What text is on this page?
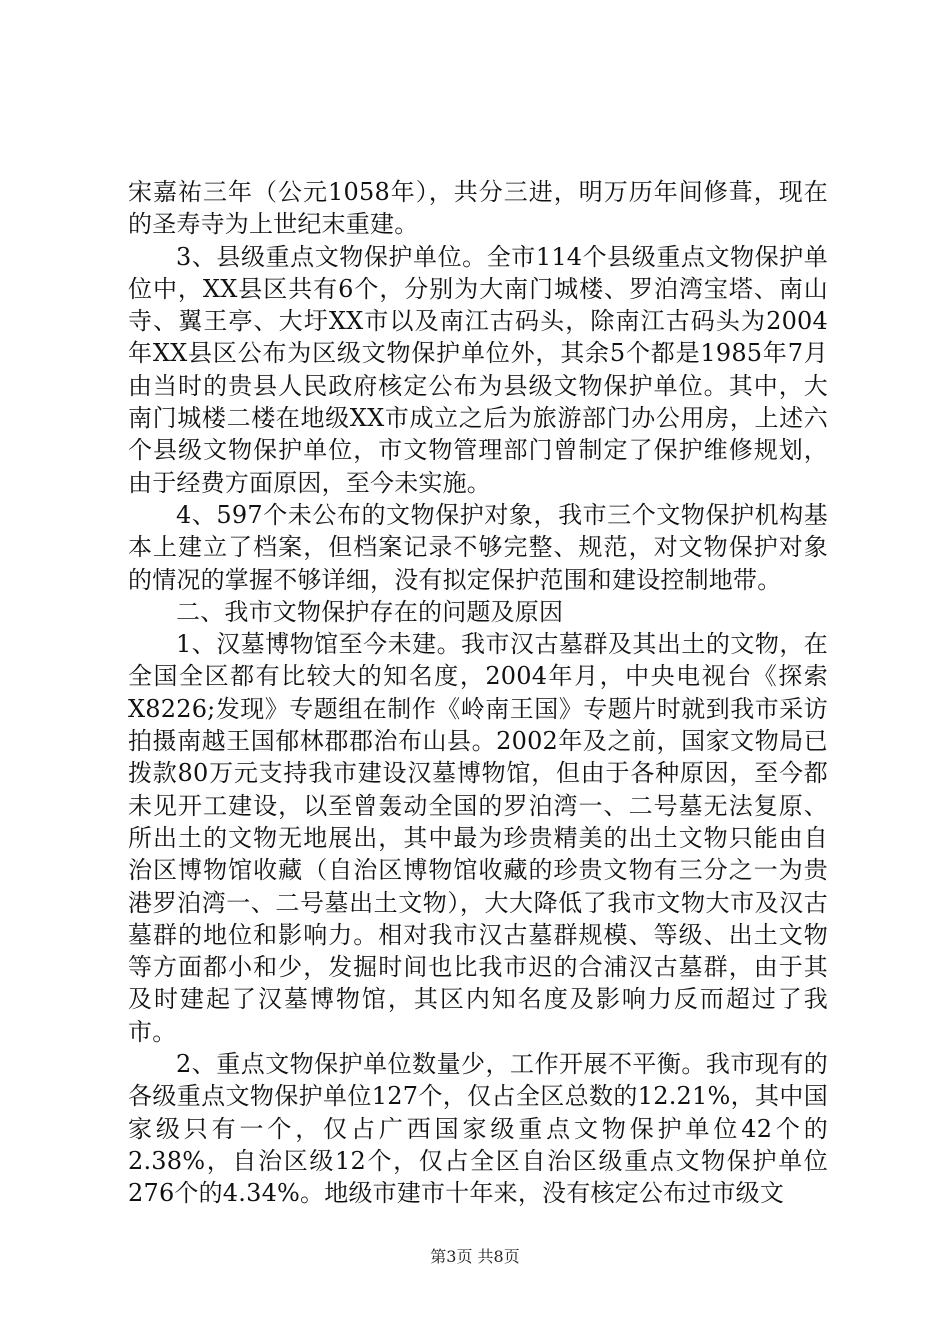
宋嘉祐三年（公元1058年），共分三进，明万历年间修葺，现在的圣寿寺为上世纪末重建。

3、县级重点文物保护单位。全市114个县级重点文物保护单位中，XX县区共有6个，分别为大南门城楼、罗泊湾宝塔、南山寺、翼王亭、大圩XX市以及南江古码头，除南江古码头为2004年XX县区公布为区级文物保护单位外，其余5个都是1985年7月由当时的贵县人民政府核定公布为县级文物保护单位。其中，大南门城楼二楼在地级XX市成立之后为旅游部门办公用房，上述六个县级文物保护单位，市文物管理部门曾制定了保护维修规划，由于经费方面原因，至今未实施。

4、597个未公布的文物保护对象，我市三个文物保护机构基本上建立了档案，但档案记录不够完整、规范，对文物保护对象的情况的掌握不够详细，没有拟定保护范围和建设控制地带。

二、我市文物保护存在的问题及原因

1、汉墓博物馆至今未建。我市汉古墓群及其出土的文物，在全国全区都有比较大的知名度，2004年月，中央电视台《探索X8226;发现》专题组在制作《岭南王国》专题片时就到我市采访拍摄南越王国郁林郡郡治布山县。2002年及之前，国家文物局已拨款80万元支持我市建设汉墓博物馆，但由于各种原因，至今都未见开工建设，以至曾轰动全国的罗泊湾一、二号墓无法复原、所出土的文物无地展出，其中最为珍贵精美的出土文物只能由自治区博物馆收藏（自治区博物馆收藏的珍贵文物有三分之一为贵港罗泊湾一、二号墓出土文物），大大降低了我市文物大市及汉古墓群的地位和影响力。相对我市汉古墓群规模、等级、出土文物等方面都小和少，发掘时间也比我市迟的合浦汉古墓群，由于其及时建起了汉墓博物馆，其区内知名度及影响力反而超过了我市。

2、重点文物保护单位数量少，工作开展不平衡。我市现有的各级重点文物保护单位127个，仅占全区总数的12.21%，其中国家级只有一个，仅占广西国家级重点文物保护单位42个的2.38%，自治区级12个，仅占全区自治区级重点文物保护单位276个的4.34%。地级市建市十年来，没有核定公布过市级文

第3页 共8页
